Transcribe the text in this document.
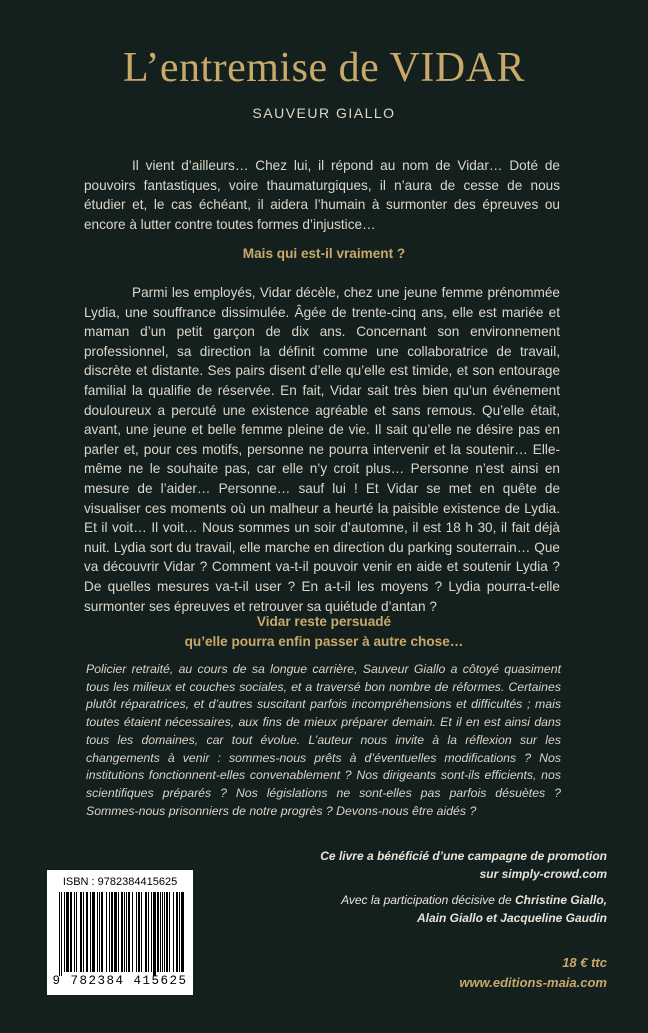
L’entremise de VIDAR
SAUVEUR GIALLO

Il vient d’ailleurs… Chez lui, il répond au nom de Vidar… Doté de pouvoirs fantastiques, voire thaumaturgiques, il n’aura de cesse de nous étudier et, le cas échéant, il aidera l’humain à surmonter des épreuves ou encore à lutter contre toutes formes d’injustice…

Mais qui est-il vraiment ?

Parmi les employés, Vidar décèle, chez une jeune femme prénommée Lydia, une souffrance dissimulée. Âgée de trente-cinq ans, elle est mariée et maman d’un petit garçon de dix ans. Concernant son environnement professionnel, sa direction la définit comme une collaboratrice de travail, discrète et distante. Ses pairs disent d’elle qu’elle est timide, et son entourage familial la qualifie de réservée. En fait, Vidar sait très bien qu’un événement douloureux a percuté une existence agréable et sans remous. Qu’elle était, avant, une jeune et belle femme pleine de vie. Il sait qu’elle ne désire pas en parler et, pour ces motifs, personne ne pourra intervenir et la soutenir… Elle-même ne le souhaite pas, car elle n’y croit plus… Personne n’est ainsi en mesure de l’aider… Personne… sauf lui ! Et Vidar se met en quête de visualiser ces moments où un malheur a heurté la paisible existence de Lydia. Et il voit… Il voit… Nous sommes un soir d’automne, il est 18 h 30, il fait déjà nuit. Lydia sort du travail, elle marche en direction du parking souterrain… Que va découvrir Vidar ? Comment va-t-il pouvoir venir en aide et soutenir Lydia ? De quelles mesures va-t-il user ? En a-t-il les moyens ? Lydia pourra-t-elle surmonter ses épreuves et retrouver sa quiétude d’antan ?

Vidar reste persuadé
qu’elle pourra enfin passer à autre chose…

Policier retraité, au cours de sa longue carrière, Sauveur Giallo a côtoyé quasiment tous les milieux et couches sociales, et a traversé bon nombre de réformes. Certaines plutôt réparatrices, et d’autres suscitant parfois incompréhensions et difficultés ; mais toutes étaient nécessaires, aux fins de mieux préparer demain. Et il en est ainsi dans tous les domaines, car tout évolue. L’auteur nous invite à la réflexion sur les changements à venir : sommes-nous prêts à d’éventuelles modifications ? Nos institutions fonctionnent-elles convenablement ? Nos dirigeants sont-ils efficients, nos scientifiques préparés ? Nos législations ne sont-elles pas parfois désuètes ? Sommes-nous prisonniers de notre progrès ? Devons-nous être aidés ?

Ce livre a bénéficié d’une campagne de promotion
sur simply-crowd.com
Avec la participation décisive de Christine Giallo,
Alain Giallo et Jacqueline Gaudin
ISBN : 9782384415625
9 782384 415625
18 € ttc
www.editions-maia.com
